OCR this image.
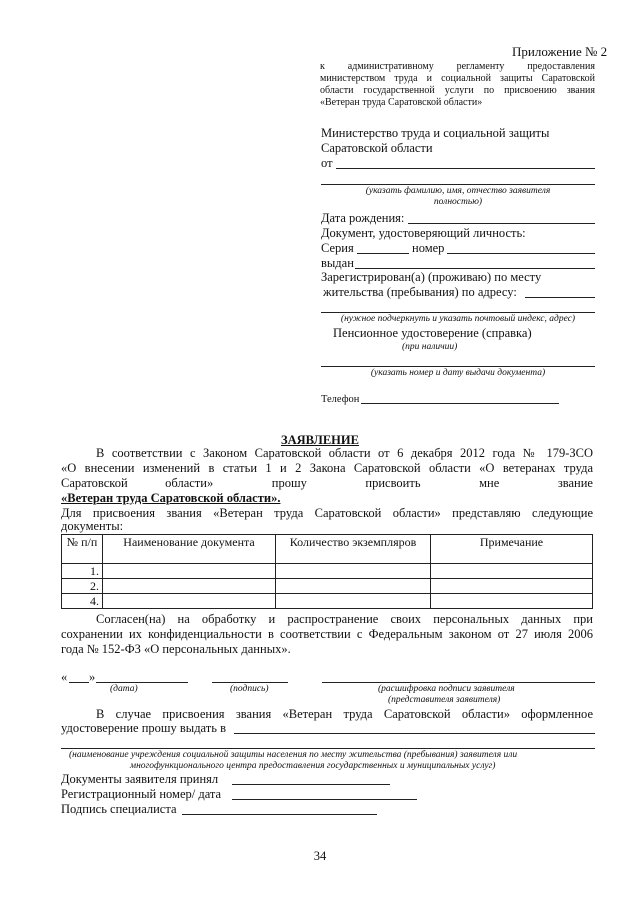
Приложение № 2
к административному регламенту предоставления
министерством труда и социальной защиты Саратовской
области государственной услуги по присвоению звания
«Ветеран труда Саратовской области»
Министерство труда и социальной защиты
Саратовской области
от
(указать фамилию, имя, отчество заявителя
полностью)
Дата рождения:
Документ, удостоверяющий личность:
Серия	номер
выдан
Зарегистрирован(а) (проживаю) по месту
жительства (пребывания) по адресу:
(нужное подчеркнуть и указать почтовый индекс, адрес)
Пенсионное удостоверение (справка)
(при наличии)
(указать номер и дату выдачи документа)
Телефон
ЗАЯВЛЕНИЕ
В соответствии с Законом Саратовской области от 6 декабря 2012 года № 179-ЗСО
«О внесении изменений в статьи 1 и 2 Закона Саратовской области «О ветеранах труда
Саратовской	области»	прошу	присвоить	мне	звание
«Ветеран труда Саратовской области».
Для присвоения звания «Ветеран труда Саратовской области» представляю следующие
документы:
№ п/п	Наименование документа	Количество экземпляров	Примечание
1.			
2.			
4.			
Согласен(на) на обработку и распространение своих персональных данных при
сохранении их конфиденциальности в соответствии с Федеральным законом от 27 июля 2006
года № 152-ФЗ «О персональных данных».
« »
(дата)	(подпись)	(расшифровка подписи заявителя
(представителя заявителя)
В случае присвоения звания «Ветеран труда Саратовской области» оформленное
удостоверение прошу выдать в
(наименование учреждения социальной защиты населения по месту жительства (пребывания) заявителя или
многофункционального центра предоставления государственных и муниципальных услуг)
Документы заявителя принял
Регистрационный номер/ дата
Подпись специалиста
34
